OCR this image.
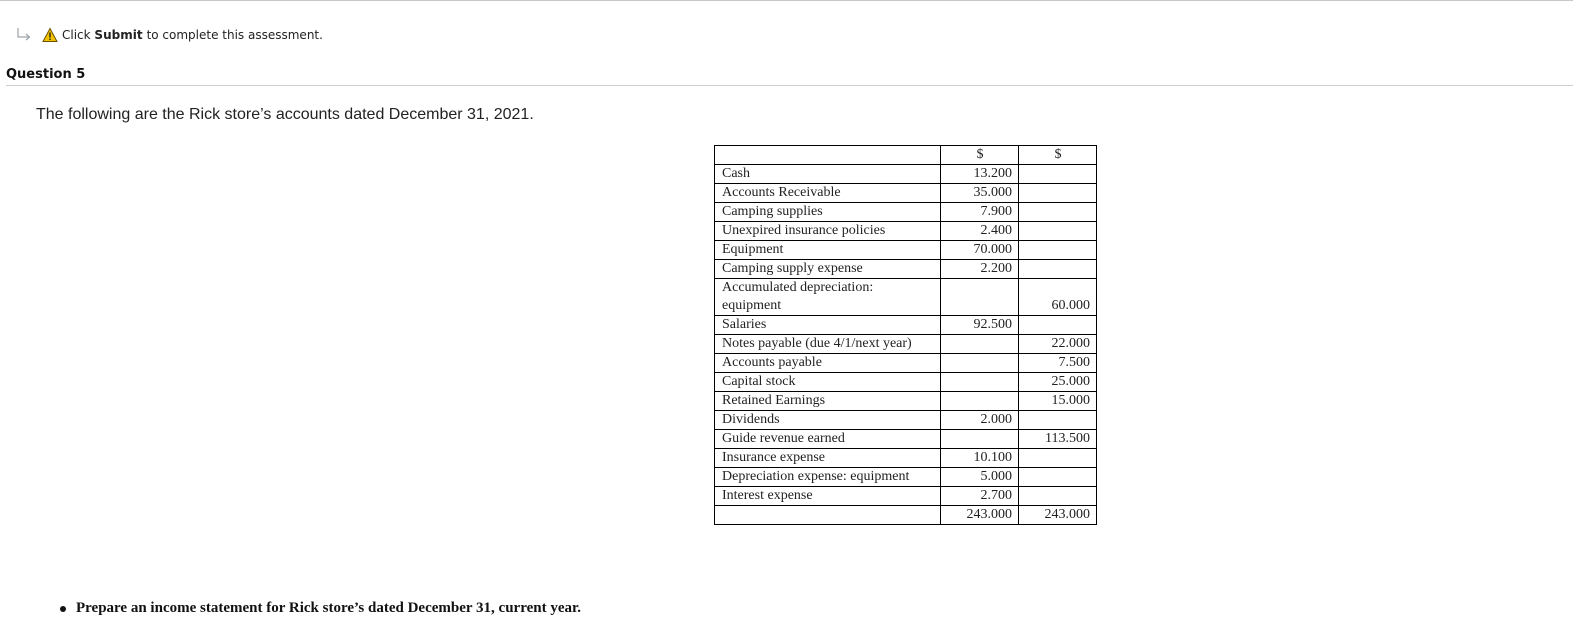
Click
Submit to complete this assessment.
Question 5
The following are the Rick store’s accounts dated December 31, 2021.
	$	$
Cash	13.200	
Accounts Receivable	35.000	
Camping supplies	7.900	
Unexpired insurance policies	2.400	
Equipment	70.000	
Camping supply expense	2.200	
Accumulated depreciation: equipment		60.000
Salaries	92.500	
Notes payable (due 4/1/next year)		22.000
Accounts payable		7.500
Capital stock		25.000
Retained Earnings		15.000
Dividends	2.000	
Guide revenue earned		113.500
Insurance expense	10.100	
Depreciation expense: equipment	5.000	
Interest expense	2.700	
	243.000	243.000
Prepare an income statement for Rick store’s dated December 31, current year.
